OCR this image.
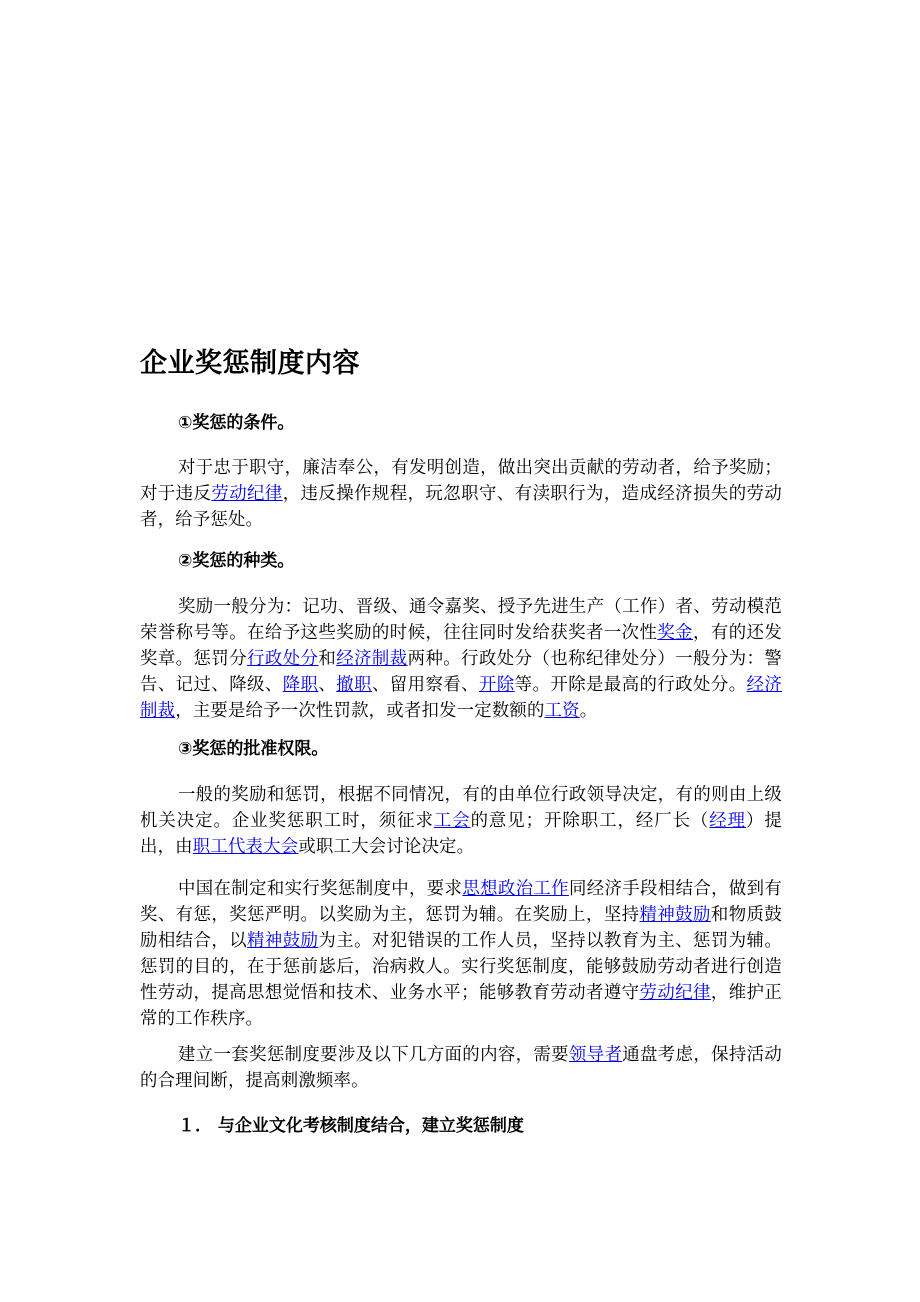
企业奖惩制度内容

①奖惩的条件。

对于忠于职守，廉洁奉公，有发明创造，做出突出贡献的劳动者，给予奖励；对于违反劳动纪律，违反操作规程，玩忽职守、有渎职行为，造成经济损失的劳动者，给予惩处。

②奖惩的种类。

奖励一般分为：记功、晋级、通令嘉奖、授予先进生产（工作）者、劳动模范荣誉称号等。在给予这些奖励的时候，往往同时发给获奖者一次性奖金，有的还发奖章。惩罚分行政处分和经济制裁两种。行政处分（也称纪律处分）一般分为：警告、记过、降级、降职、撤职、留用察看、开除等。开除是最高的行政处分。经济制裁，主要是给予一次性罚款，或者扣发一定数额的工资。

③奖惩的批准权限。

一般的奖励和惩罚，根据不同情况，有的由单位行政领导决定，有的则由上级机关决定。企业奖惩职工时，须征求工会的意见；开除职工，经厂长（经理）提出，由职工代表大会或职工大会讨论决定。

中国在制定和实行奖惩制度中，要求思想政治工作同经济手段相结合，做到有奖、有惩，奖惩严明。以奖励为主，惩罚为辅。在奖励上，坚持精神鼓励和物质鼓励相结合，以精神鼓励为主。对犯错误的工作人员，坚持以教育为主、惩罚为辅。惩罚的目的，在于惩前毖后，治病救人。实行奖惩制度，能够鼓励劳动者进行创造性劳动，提高思想觉悟和技术、业务水平；能够教育劳动者遵守劳动纪律，维护正常的工作秩序。

建立一套奖惩制度要涉及以下几方面的内容，需要领导者通盘考虑，保持活动的合理间断，提高刺激频率。

１． 与企业文化考核制度结合，建立奖惩制度
